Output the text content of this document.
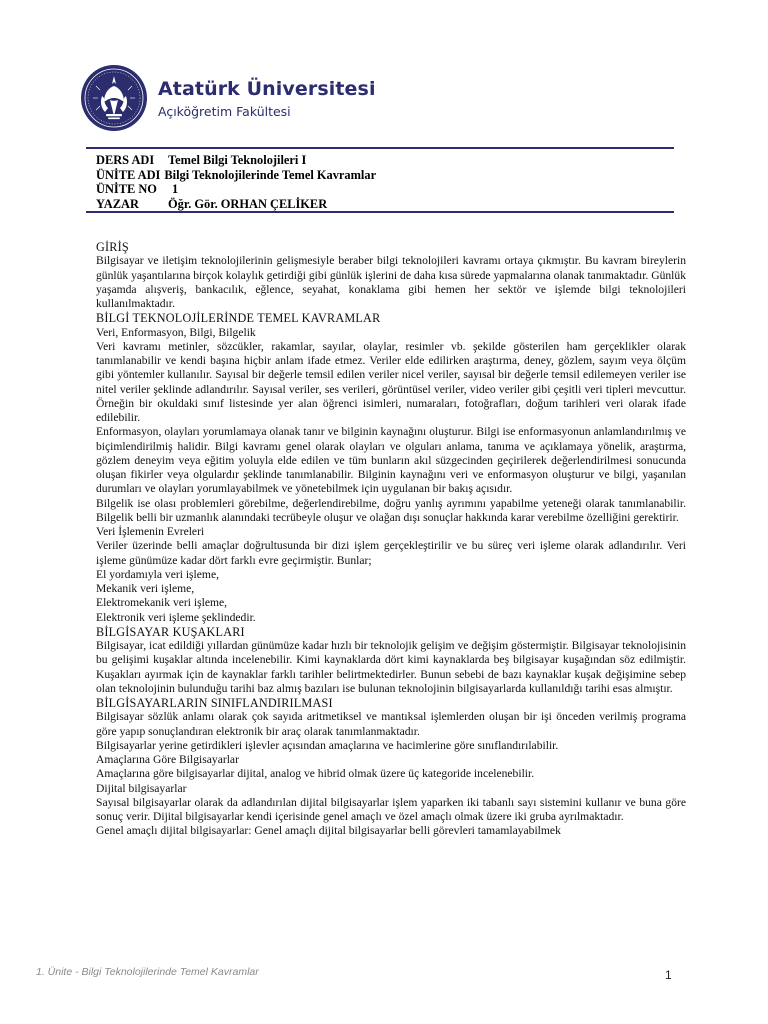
Atatürk Üniversitesi
Açıköğretim Fakültesi
DERS ADI	Temel Bilgi Teknolojileri I
ÜNİTE ADI Bilgi Teknolojilerinde Temel Kavramlar
ÜNİTE NO	1
YAZAR	Öğr. Gör. ORHAN ÇELİKER
GİRİŞ

Bilgisayar ve iletişim teknolojilerinin gelişmesiyle beraber bilgi teknolojileri kavramı ortaya çıkmıştır. Bu kavram bireylerin günlük yaşantılarına birçok kolaylık getirdiği gibi günlük işlerini de daha kısa sürede yapmalarına olanak tanımaktadır. Günlük yaşamda alışveriş, bankacılık, eğlence, seyahat, konaklama gibi hemen her sektör ve işlemde bilgi teknolojileri kullanılmaktadır.

BİLGİ TEKNOLOJİLERİNDE TEMEL KAVRAMLAR
Veri, Enformasyon, Bilgi, Bilgelik

Veri kavramı metinler, sözcükler, rakamlar, sayılar, olaylar, resimler vb. şekilde gösterilen ham gerçeklikler olarak tanımlanabilir ve kendi başına hiçbir anlam ifade etmez. Veriler elde edilirken araştırma, deney, gözlem, sayım veya ölçüm gibi yöntemler kullanılır. Sayısal bir değerle temsil edilen veriler nicel veriler, sayısal bir değerle temsil edilemeyen veriler ise nitel veriler şeklinde adlandırılır. Sayısal veriler, ses verileri, görüntüsel veriler, video veriler gibi çeşitli veri tipleri mevcuttur. Örneğin bir okuldaki sınıf listesinde yer alan öğrenci isimleri, numaraları, fotoğrafları, doğum tarihleri veri olarak ifade edilebilir.

Enformasyon, olayları yorumlamaya olanak tanır ve bilginin kaynağını oluşturur. Bilgi ise enformasyonun anlamlandırılmış ve biçimlendirilmiş halidir. Bilgi kavramı genel olarak olayları ve olguları anlama, tanıma ve açıklamaya yönelik, araştırma, gözlem deneyim veya eğitim yoluyla elde edilen ve tüm bunların akıl süzgecinden geçirilerek değerlendirilmesi sonucunda oluşan fikirler veya olgulardır şeklinde tanımlanabilir. Bilginin kaynağını veri ve enformasyon oluşturur ve bilgi, yaşanılan durumları ve olayları yorumlayabilmek ve yönetebilmek için uygulanan bir bakış açısıdır.

Bilgelik ise olası problemleri görebilme, değerlendirebilme, doğru yanlış ayrımını yapabilme yeteneği olarak tanımlanabilir. Bilgelik belli bir uzmanlık alanındaki tecrübeyle oluşur ve olağan dışı sonuçlar hakkında karar verebilme özelliğini gerektirir.

Veri İşlemenin Evreleri

Veriler üzerinde belli amaçlar doğrultusunda bir dizi işlem gerçekleştirilir ve bu süreç veri işleme olarak adlandırılır. Veri işleme günümüze kadar dört farklı evre geçirmiştir. Bunlar;

El yordamıyla veri işleme,
Mekanik veri işleme,
Elektromekanik veri işleme,
Elektronik veri işleme şeklindedir.
BİLGİSAYAR KUŞAKLARI

Bilgisayar, icat edildiği yıllardan günümüze kadar hızlı bir teknolojik gelişim ve değişim göstermiştir. Bilgisayar teknolojisinin bu gelişimi kuşaklar altında incelenebilir. Kimi kaynaklarda dört kimi kaynaklarda beş bilgisayar kuşağından söz edilmiştir. Kuşakları ayırmak için de kaynaklar farklı tarihler belirtmektedirler. Bunun sebebi de bazı kaynaklar kuşak değişimine sebep olan teknolojinin bulunduğu tarihi baz almış bazıları ise bulunan teknolojinin bilgisayarlarda kullanıldığı tarihi esas almıştır.

BİLGİSAYARLARIN SINIFLANDIRILMASI

Bilgisayar sözlük anlamı olarak çok sayıda aritmetiksel ve mantıksal işlemlerden oluşan bir işi önceden verilmiş programa göre yapıp sonuçlandıran elektronik bir araç olarak tanımlanmaktadır.

Bilgisayarlar yerine getirdikleri işlevler açısından amaçlarına ve hacimlerine göre sınıflandırılabilir.

Amaçlarına Göre Bilgisayarlar

Amaçlarına göre bilgisayarlar dijital, analog ve hibrid olmak üzere üç kategoride incelenebilir.

Dijital bilgisayarlar

Sayısal bilgisayarlar olarak da adlandırılan dijital bilgisayarlar işlem yaparken iki tabanlı sayı sistemini kullanır ve buna göre sonuç verir. Dijital bilgisayarlar kendi içerisinde genel amaçlı ve özel amaçlı olmak üzere iki gruba ayrılmaktadır.

Genel amaçlı dijital bilgisayarlar: Genel amaçlı dijital bilgisayarlar belli görevleri tamamlayabilmek
1. Ünite - Bilgi Teknolojilerinde Temel Kavramlar	1
